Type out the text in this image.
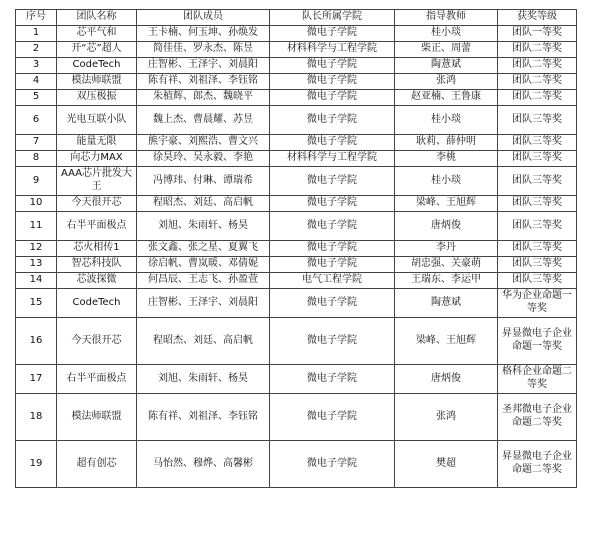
序号	团队名称	团队成员	队长所属学院	指导教师	获奖等级
1	芯平气和	王卡楠、何玉坤、孙焕发	微电子学院	桂小琰	团队一等奖
2	开“芯”超人	简佳佳、罗永杰、陈昱	材料科学与工程学院	柴正、周蕾	团队二等奖
3	CodeTech	庄智彬、王泽宇、刘晨阳	微电子学院	陶薏斌	团队二等奖
4	模法师联盟	陈有祥、刘祖泽、李钰铭	微电子学院	张鸿	团队二等奖
5	双压极振	朱植辉、郎杰、魏晓平	微电子学院	赵亚楠、王鲁康	团队二等奖
6	光电互联小队	魏上杰、曹晨耀、苏昱	微电子学院	桂小琰	团队三等奖
7	能量无限	熊宇豪、刘熙浩、曹文兴	微电子学院	耿莉、薛仲明	团队三等奖
8	向芯力MAX	徐昊玲、吴永毅、李艳	材料科学与工程学院	李桃	团队三等奖
9	AAA芯片批发大王	冯博玮、付琳、谭瑞希	微电子学院	桂小琰	团队三等奖
10	今天很开芯	程昭杰、刘廷、高启帆	微电子学院	梁峰、王旭辉	团队三等奖
11	右半平面极点	刘旭、朱雨轩、杨昊	微电子学院	唐炳俊	团队三等奖
12	芯火相传1	张文鑫、张之星、夏翼飞	微电子学院	李丹	团队三等奖
13	智芯科技队	徐启帆、曹岚暖、邓倩妮	微电子学院	胡忠强、关豪萌	团队三等奖
14	芯波探微	何昌辰、王志飞、孙盈萱	电气工程学院	王瑞东、李运甲	团队三等奖
15	CodeTech	庄智彬、王泽宇、刘晨阳	微电子学院	陶薏斌	华为企业命题一等奖
16	今天很开芯	程昭杰、刘廷、高启帆	微电子学院	梁峰、王旭辉	昇显微电子企业命题一等奖
17	右半平面极点	刘旭、朱雨轩、杨昊	微电子学院	唐炳俊	格科企业命题二等奖
18	模法师联盟	陈有祥、刘祖泽、李钰铭	微电子学院	张鸿	圣邦微电子企业命题二等奖
19	超有创芯	马怡然、穆烨、高馨彬	微电子学院	樊超	昇显微电子企业命题二等奖
